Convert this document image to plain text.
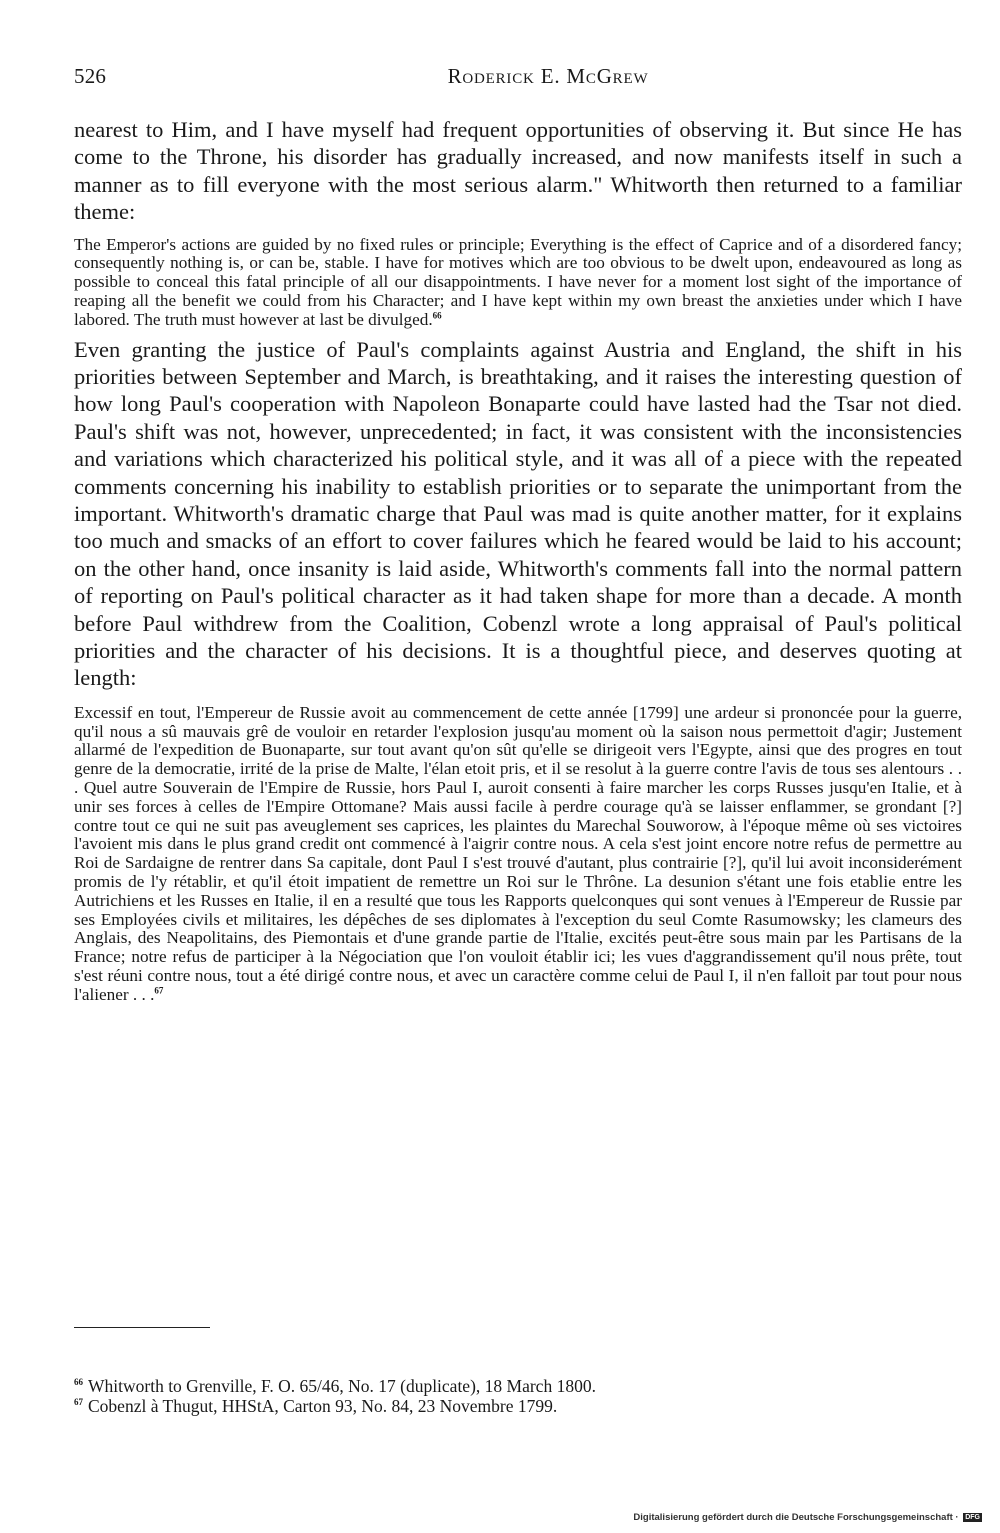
526	Roderick E. McGrew

nearest to Him, and I have myself had frequent opportunities of observing it. But since He has come to the Throne, his disorder has gradually increased, and now manifests itself in such a manner as to fill everyone with the most serious alarm." Whitworth then returned to a familiar theme:

The Emperor's actions are guided by no fixed rules or principle; Everything is the effect of Caprice and of a disordered fancy; consequently nothing is, or can be, stable. I have for motives which are too obvious to be dwelt upon, endeavoured as long as possible to conceal this fatal principle of all our disappointments. I have never for a moment lost sight of the importance of reaping all the benefit we could from his Character; and I have kept within my own breast the anxieties under which I have labored. The truth must however at last be divulged.$^{66}$

Even granting the justice of Paul's complaints against Austria and England, the shift in his priorities between September and March, is breathtaking, and it raises the interesting question of how long Paul's cooperation with Napoleon Bonaparte could have lasted had the Tsar not died. Paul's shift was not, however, unprecedented; in fact, it was consistent with the inconsistencies and variations which characterized his political style, and it was all of a piece with the repeated comments concerning his inability to establish priorities or to separate the unimportant from the important. Whitworth's dramatic charge that Paul was mad is quite another matter, for it explains too much and smacks of an effort to cover failures which he feared would be laid to his account; on the other hand, once insanity is laid aside, Whitworth's comments fall into the normal pattern of reporting on Paul's political character as it had taken shape for more than a decade. A month before Paul withdrew from the Coalition, Cobenzl wrote a long appraisal of Paul's political priorities and the character of his decisions. It is a thoughtful piece, and deserves quoting at length:

Excessif en tout, l'Empereur de Russie avoit au commencement de cette année [1799] une ardeur si prononcée pour la guerre, qu'il nous a sû mauvais grê de vouloir en retarder l'explosion jusqu'au moment où la saison nous permettoit d'agir; Justement allarmé de l'expedition de Buonaparte, sur tout avant qu'on sût qu'elle se dirigeoit vers l'Egypte, ainsi que des progres en tout genre de la democratie, irrité de la prise de Malte, l'élan etoit pris, et il se resolut à la guerre contre l'avis de tous ses alentours . . . Quel autre Souverain de l'Empire de Russie, hors Paul I, auroit consenti à faire marcher les corps Russes jusqu'en Italie, et à unir ses forces à celles de l'Empire Ottomane? Mais aussi facile à perdre courage qu'à se laisser enflammer, se grondant [?] contre tout ce qui ne suit pas aveuglement ses caprices, les plaintes du Marechal Souworow, à l'époque même où ses victoires l'avoient mis dans le plus grand credit ont commencé à l'aigrir contre nous. A cela s'est joint encore notre refus de permettre au Roi de Sardaigne de rentrer dans Sa capitale, dont Paul I s'est trouvé d'autant, plus contrairie [?], qu'il lui avoit inconsiderément promis de l'y rétablir, et qu'il étoit impatient de remettre un Roi sur le Thrône. La desunion s'étant une fois etablie entre les Autrichiens et les Russes en Italie, il en a resulté que tous les Rapports quelconques qui sont venues à l'Empereur de Russie par ses Employées civils et militaires, les dépêches de ses diplomates à l'exception du seul Comte Rasumowsky; les clameurs des Anglais, des Neapolitains, des Piemontais et d'une grande partie de l'Italie, excités peut-être sous main par les Partisans de la France; notre refus de participer à la Négociation que l'on vouloit établir ici; les vues d'aggrandissement qu'il nous prête, tout s'est réuni contre nous, tout a été dirigé contre nous, et avec un caractère comme celui de Paul I, il n'en falloit par tout pour nous l'aliener . . .$^{67}$

$^{66}$ Whitworth to Grenville, F. O. 65/46, No. 17 (duplicate), 18 March 1800.

$^{67}$ Cobenzl à Thugut, HHStA, Carton 93, No. 84, 23 Novembre 1799.

Digitalisierung gefördert durch die Deutsche Forschungsgemeinschaft · DFG
